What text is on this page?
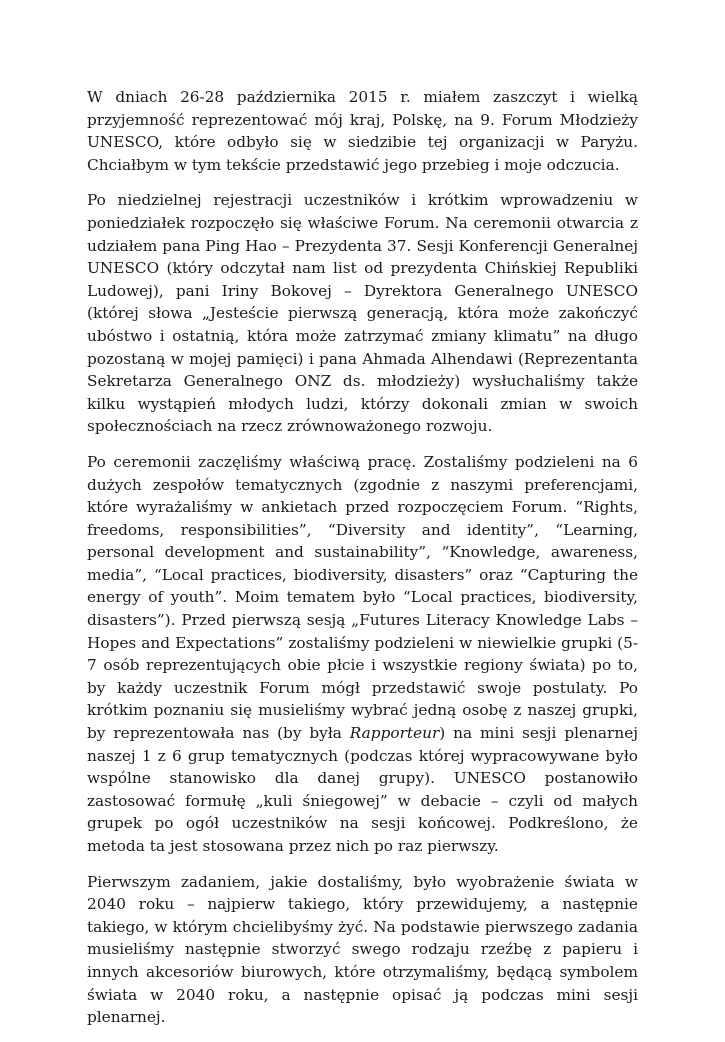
W dniach 26-28 października 2015 r. miałem zaszczyt i wielką przyjemność reprezentować mój kraj, Polskę, na 9. Forum Młodzieży UNESCO, które odbyło się w siedzibie tej organizacji w Paryżu. Chciałbym w tym tekście przedstawić jego przebieg i moje odczucia.

Po niedzielnej rejestracji uczestników i krótkim wprowadzeniu w poniedziałek rozpoczęło się właściwe Forum. Na ceremonii otwarcia z udziałem pana Ping Hao – Prezydenta 37. Sesji Konferencji Generalnej UNESCO (który odczytał nam list od prezydenta Chińskiej Republiki Ludowej), pani Iriny Bokovej – Dyrektora Generalnego UNESCO (której słowa „Jesteście pierwszą generacją, która może zakończyć ubóstwo i ostatnią, która może zatrzymać zmiany klimatu” na długo pozostaną w mojej pamięci) i pana Ahmada Alhendawi (Reprezentanta Sekretarza Generalnego ONZ ds. młodzieży) wysłuchaliśmy także kilku wystąpień młodych ludzi, którzy dokonali zmian w swoich społecznościach na rzecz zrównoważonego rozwoju.

Po ceremonii zaczęliśmy właściwą pracę. Zostaliśmy podzieleni na 6 dużych zespołów tematycznych (zgodnie z naszymi preferencjami, które wyrażaliśmy w ankietach przed rozpoczęciem Forum. “Rights, freedoms, responsibilities”, “Diversity and identity”, “Learning, personal development and sustainability”, “Knowledge, awareness, media”, “Local practices, biodiversity, disasters” oraz “Capturing the energy of youth”. Moim tematem było “Local practices, biodiversity, disasters”). Przed pierwszą sesją „Futures Literacy Knowledge Labs – Hopes and Expectations” zostaliśmy podzieleni w niewielkie grupki (5-7 osób reprezentujących obie płcie i wszystkie regiony świata) po to, by każdy uczestnik Forum mógł przedstawić swoje postulaty. Po krótkim poznaniu się musieliśmy wybrać jedną osobę z naszej grupki, by reprezentowała nas (by była Rapporteur) na mini sesji plenarnej naszej 1 z 6 grup tematycznych (podczas której wypracowywane było wspólne stanowisko dla danej grupy). UNESCO postanowiło zastosować formułę „kuli śniegowej” w debacie – czyli od małych grupek po ogół uczestników na sesji końcowej. Podkreślono, że metoda ta jest stosowana przez nich po raz pierwszy.

Pierwszym zadaniem, jakie dostaliśmy, było wyobrażenie świata w 2040 roku – najpierw takiego, który przewidujemy, a następnie takiego, w którym chcielibyśmy żyć. Na podstawie pierwszego zadania musieliśmy następnie stworzyć swego rodzaju rzeźbę z papieru i innych akcesoriów biurowych, które otrzymaliśmy, będącą symbolem świata w 2040 roku, a następnie opisać ją podczas mini sesji plenarnej.
